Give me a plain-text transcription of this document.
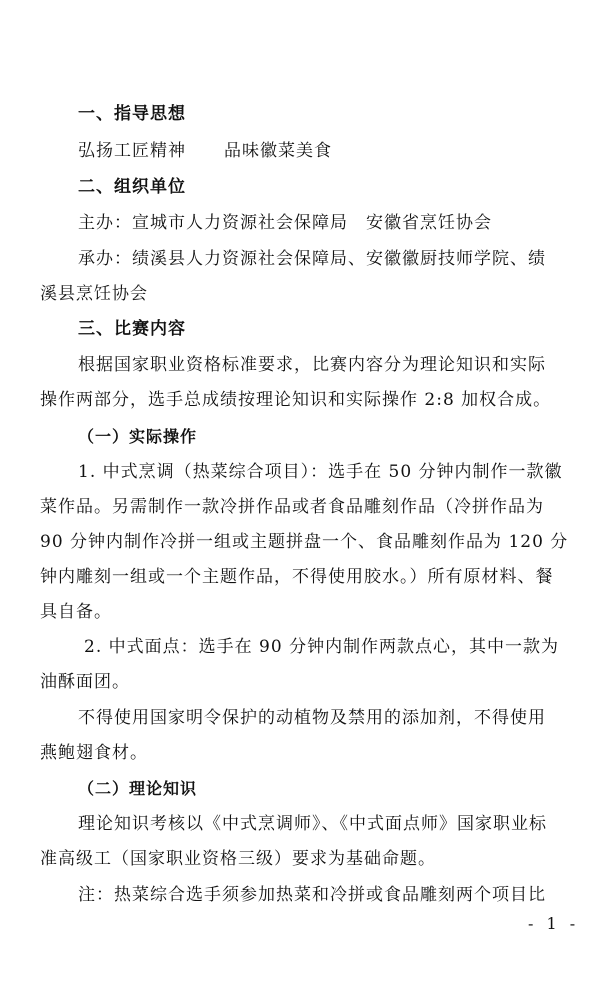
一、指导思想
弘扬工匠精神 品味徽菜美食
二、组织单位
主办：宣城市人力资源社会保障局　安徽省烹饪协会
承办：绩溪县人力资源社会保障局、安徽徽厨技师学院、绩
溪县烹饪协会
三、比赛内容
根据国家职业资格标准要求，比赛内容分为理论知识和实际
操作两部分，选手总成绩按理论知识和实际操作 2:8 加权合成。
（一）实际操作
1. 中式烹调（热菜综合项目）：选手在 50 分钟内制作一款徽
菜作品。另需制作一款冷拼作品或者食品雕刻作品（冷拼作品为
90 分钟内制作冷拼一组或主题拼盘一个、食品雕刻作品为 120 分
钟内雕刻一组或一个主题作品，不得使用胶水。）所有原材料、餐
具自备。
2. 中式面点：选手在 90 分钟内制作两款点心，其中一款为
油酥面团。
不得使用国家明令保护的动植物及禁用的添加剂，不得使用
燕鲍翅食材。
（二）理论知识
理论知识考核以《中式烹调师》、《中式面点师》国家职业标
准高级工（国家职业资格三级）要求为基础命题。
注：热菜综合选手须参加热菜和冷拼或食品雕刻两个项目比
- 1 -
